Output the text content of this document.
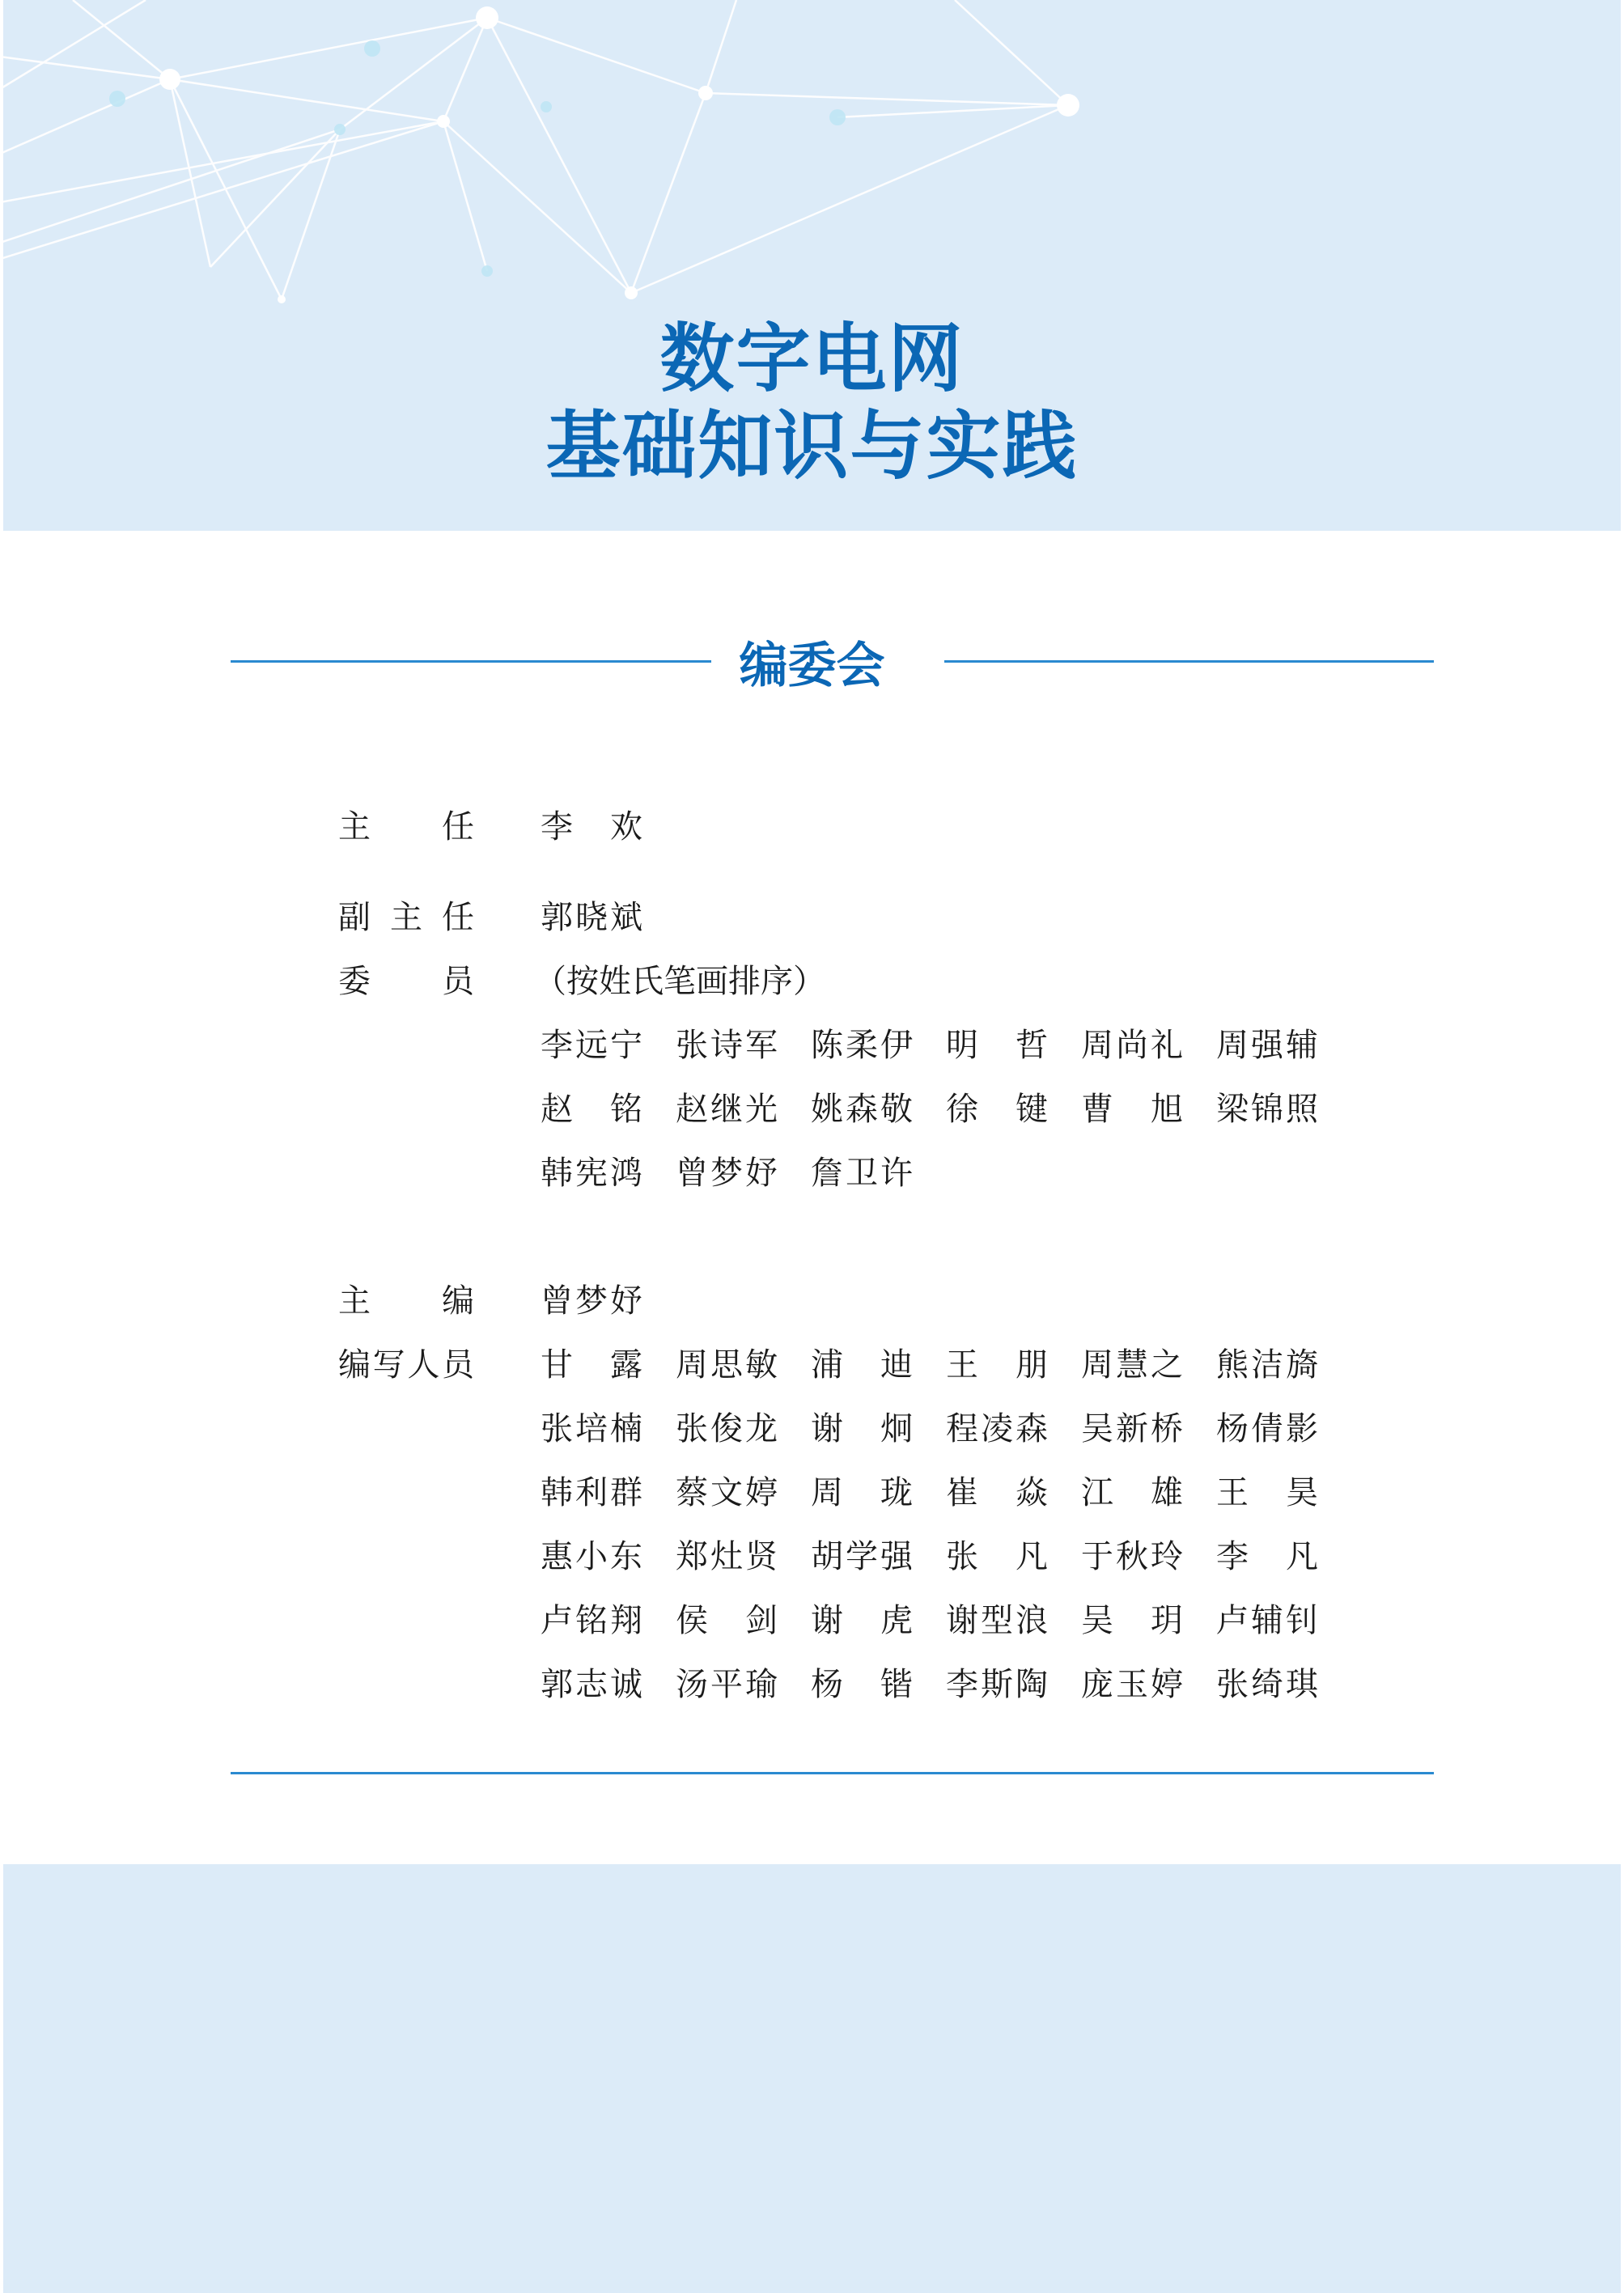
数字电网
基础知识与实践
编委会
主任 李欢
副主任 郭晓斌
委员 （按姓氏笔画排序）
李远宁 张诗军 陈柔伊 明哲 周尚礼 周强辅
赵铭 赵继光 姚森敬 徐键 曹旭 梁锦照
韩宪鸿 曾梦妤 詹卫许
主编 曾梦妤
编写人员 甘露 周思敏 浦迪 王朋 周慧之 熊洁旖
张培楠 张俊龙 谢炯 程凌森 吴新桥 杨倩影
韩利群 蔡文婷 周珑 崔焱 江雄 王昊
惠小东 郑灶贤 胡学强 张凡 于秋玲 李凡
卢铭翔 侯剑 谢虎 谢型浪 吴玥 卢辅钊
郭志诚 汤平瑜 杨锴 李斯陶 庞玉婷 张绮琪
